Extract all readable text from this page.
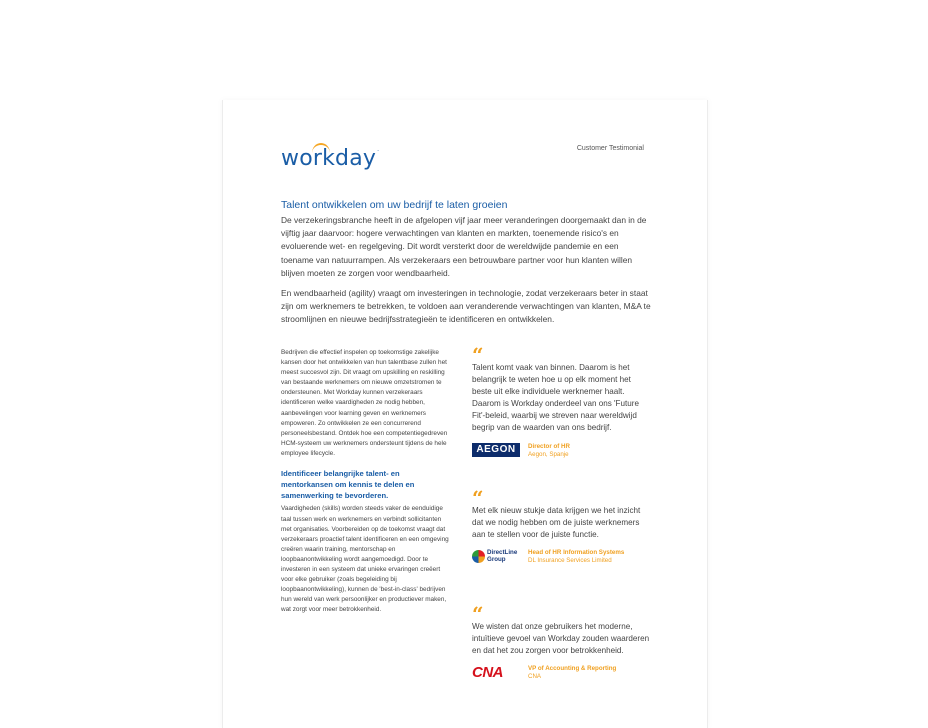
workday.	Customer Testimonial
Talent ontwikkelen om uw bedrijf te laten groeien

De verzekeringsbranche heeft in de afgelopen vijf jaar meer veranderingen doorgemaakt dan in de vijftig jaar daarvoor: hogere verwachtingen van klanten en markten, toenemende risico's en evoluerende wet- en regelgeving. Dit wordt versterkt door de wereldwijde pandemie en een toename van natuurrampen. Als verzekeraars een betrouwbare partner voor hun klanten willen blijven moeten ze zorgen voor wendbaarheid.

En wendbaarheid (agility) vraagt om investeringen in technologie, zodat verzekeraars beter in staat zijn om werknemers te betrekken, te voldoen aan veranderende verwachtingen van klanten, M&A te stroomlijnen en nieuwe bedrijfsstrategieën te identificeren en ontwikkelen.

Bedrijven die effectief inspelen op toekomstige zakelijke kansen door het ontwikkelen van hun talentbase zullen het meest succesvol zijn. Dit vraagt om upskilling en reskilling van bestaande werknemers om nieuwe omzetstromen te ondersteunen. Met Workday kunnen verzekeraars identificeren welke vaardigheden ze nodig hebben, aanbevelingen voor learning geven en werknemers empoweren. Zo ontwikkelen ze een concurrerend personeelsbestand. Ontdek hoe een competentiegedreven HCM-systeem uw werknemers ondersteunt tijdens de hele employee lifecycle.

Identificeer belangrijke talent- en mentorkansen om kennis te delen en samenwerking te bevorderen.

Vaardigheden (skills) worden steeds vaker de eenduidige taal tussen werk en werknemers en verbindt sollicitanten met organisaties. Voorbereiden op de toekomst vraagt dat verzekeraars proactief talent identificeren en een omgeving creëren waarin training, mentorschap en loopbaanontwikkeling wordt aangemoedigd. Door te investeren in een systeem dat unieke ervaringen creëert voor elke gebruiker (zoals begeleiding bij loopbaanontwikkeling), kunnen de 'best-in-class' bedrijven hun wereld van werk persoonlijker en productiever maken, wat zorgt voor meer betrokkenheid.

“
Talent komt vaak van binnen. Daarom is het belangrijk te weten hoe u op elk moment het beste uit elke individuele werknemer haalt. Daarom is Workday onderdeel van ons 'Future Fit'-beleid, waarbij we streven naar wereldwijd begrip van de waarden van ons bedrijf.
AEGON	Director of HR
Aegon, Spanje
“
Met elk nieuw stukje data krijgen we het inzicht dat we nodig hebben om de juiste werknemers aan te stellen voor de juiste functie.
DirectLine
Group
Head of HR Information Systems
DL Insurance Services Limited
“
We wisten dat onze gebruikers het moderne, intuïtieve gevoel van Workday zouden waarderen en dat het zou zorgen voor betrokkenheid.
CNA	VP of Accounting & Reporting
CNA
